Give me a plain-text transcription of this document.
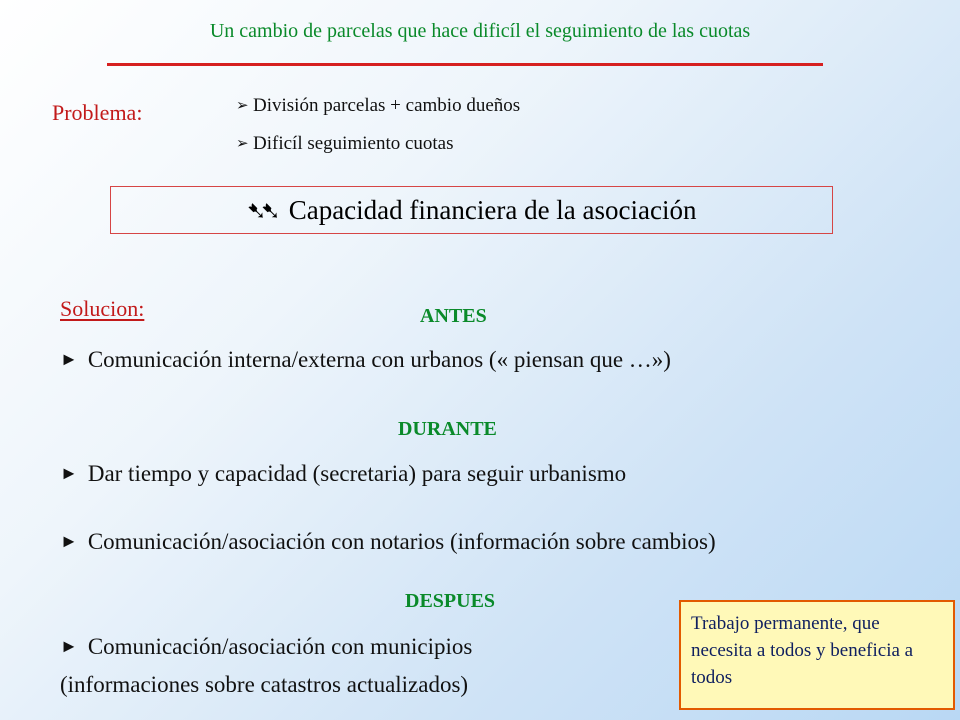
Un cambio de parcelas que hace dificíl el seguimiento de las cuotas
Problema:	➢ División parcelas + cambio dueños
➢ Dificíl seguimiento cuotas
➷➷ Capacidad financiera de la asociación
Solucion:	ANTES
► Comunicación interna/externa con urbanos (« piensan que …»)
DURANTE
► Dar tiempo y capacidad (secretaria) para seguir urbanismo
► Comunicación/asociación con notarios (información sobre cambios)
DESPUES
► Comunicación/asociación con municipios
(informaciones sobre catastros actualizados)
Trabajo permanente, que necesita a todos y beneficia a todos
